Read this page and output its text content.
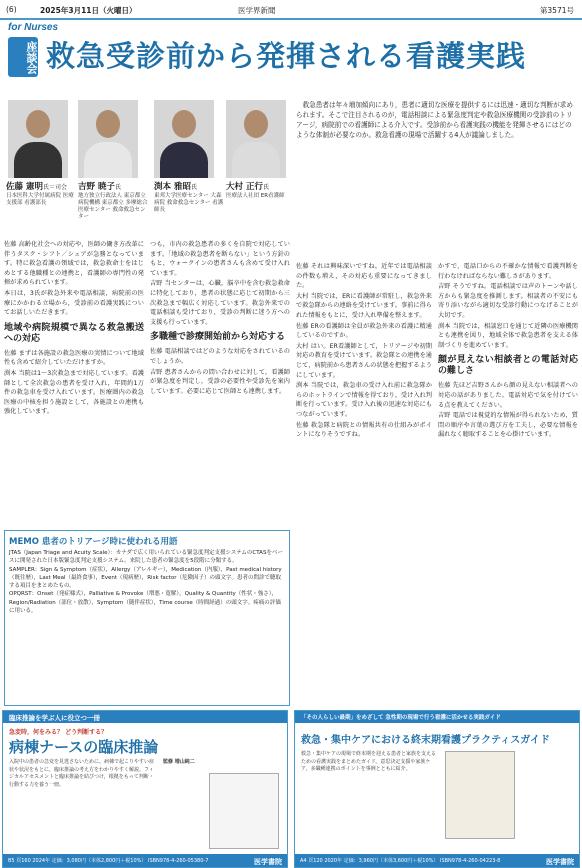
(6)	2025年3月11日（火曜日）	医学界新聞	第3571号
for Nurses
座談会 救急受診前から発揮される看護実践
佐藤 憲明氏＝司会 吉野 暁子氏	渕本 雅昭氏	大村 正行氏
日本医科大学付属病院 医療支援部 看護部長
地方独立行政法人 東京都立病院機構 東京都立 多摩総合医療センター 救命救急センター
東邦大学医療センター 大森病院 救命救急センター 看護師長
医療法人社団 ER看護師
救急患者は年々増加傾向にあり，患者に適切な医療を提供するには迅速・適切な判断が求められます。そこで注目されるのが，電話相談による緊急度判定や救急医療機関の受診前のトリアージ，病院前での看護師による介入です。受診前から看護実践の機能を発揮させるにはどのような体制が必要なのか。救急看護の現場で活躍する4人が議論しました。

佐藤 高齢化社会への対応や，医師の働き方改革に伴うタスク・シフト／シェアが急務となっています。特に救急看護の領域では，救急救命士をはじめとする他職種との連携と，看護師の専門性の発揮が求められています。

本日は，3氏が救急外来や電話相談，病院前の医療にかかわる立場から，受診前の看護実践についてお話しいただきます。

地域や病院規模で異なる救急搬送への対応

佐藤 まずは各施設の救急医療の実情について地域性も含めて紹介していただけますか。

渕本 当院は1～3次救急まで対応しています。看護師として全次救急の患者を受け入れ，年間約1万件の救急車を受け入れています。医療圏内の救急医療の中核を担う施設として，各施設との連携も強化しています。

つも，市内の救急患者の多くを自院で対応しています。「地域の救急患者を断らない」という方針のもと，ウォークインの患者さんも含めて受け入れています。

吉野 当センターは，心臓，脳卒中を含む救急救命に特化しており，患者の状態に応じて初期から三次救急まで幅広く対応しています。救急外来での電話相談も受けており，受診の判断に迷う方への支援も行っています。

多職種で診療開始前から対応する

佐藤 電話相談ではどのような対応をされているのでしょうか。

吉野 患者さんからの問い合わせに対して，看護師が緊急度を判定し，受診の必要性や受診先を案内しています。必要に応じて医師とも連携します。

佐藤 それは興味深いですね。近年では電話相談の件数も増え，その対応も重要になってきました。

大村 当院では，ERに看護師が常駐し，救急外来で救急隊からの連絡を受けています。事前に得られた情報をもとに，受け入れ準備を整えます。

佐藤 ERの看護師は全員が救急外来の看護に精通しているのですか。

大村 はい。ER看護師として，トリアージや初期対応の教育を受けています。救急隊との連携を通じて，病院前から患者さんの状態を把握するようにしています。

渕本 当院では，救急車の受け入れ前に救急隊からのホットラインで情報を得ており，受け入れ判断を行っています。受け入れ後の迅速な対応にもつながっています。

佐藤 救急隊と病院との情報共有の仕組みがポイントになりそうですね。

かすで，電話口からの不確かな情報で看護判断を行わなければならない難しさがあります。

吉野 そうですね。電話相談では声のトーンや話し方からも緊急度を推測します。相談者の不安にも寄り添いながら適切な受診行動につなげることが大切です。

渕本 当院では，相談窓口を通じて近隣の医療機関とも連携を図り，地域全体で救急患者を支える体制づくりを進めています。

顔が見えない相談者との電話対応の難しさ

佐藤 先ほど吉野さんから顔の見えない相談者への対応の話がありました。電話対応で気を付けている点を教えてください。

吉野 電話では視覚的な情報が得られないため，質問の順序や言葉の選び方を工夫し，必要な情報を漏れなく聴取することを心掛けています。

MEMO 患者のトリアージ時に使われる用語

JTAS（Japan Triage and Acuity Scale）：カナダで広く用いられている緊急度判定支援システムのCTASをベースに開発された日本版緊急度判定支援システム。来院した患者の緊急度を5段階に分類する。

SAMPLER：Sign & Symptom（症状），Allergy（アレルギー），Medication（内服），Past medical history（既往歴），Last Meal（最終食事），Event（現病歴），Risk factor（危険因子）の頭文字。患者の問診で聴取する項目をまとめたもの。

OPQRST：Onset（発症様式），Palliative & Provoke（増悪・寛解），Quality & Quantity（性状・強さ），Region/Radiation（部位・放散），Symptom（随伴症状），Time course（時間経過）の頭文字。疼痛の評価に用いる。

臨床推論を学ぶ人に役立つ一冊
急変時，何をみる？ どう判断する？
病棟ナースの臨床推論
入院中の患者の急変を見逃さないために。病棟で起こりやすい症状や状況をもとに，臨床推論の考え方をわかりやすく解説。フィジカルアセスメントと臨床推論を結びつけ，根拠をもって判断・行動する力を養う一冊。
監修 増山純二
B5 頁160 2024年 定価：3,080円（本体2,800円＋税10%） ISBN978-4-260-05380-7	医学書院
「その人らしい最期」をめざして 急性期の現場で行う看護に活かせる実践ガイド
救急・集中ケアにおける終末期看護プラクティスガイド
救急・集中ケアの現場で終末期を迎える患者と家族を支えるための看護実践をまとめたガイド。意思決定支援や家族ケア，多職種連携のポイントを事例とともに紹介。
A4 頁120 2020年 定価：3,960円（本体3,600円＋税10%） ISBN978-4-260-04223-8	医学書院
